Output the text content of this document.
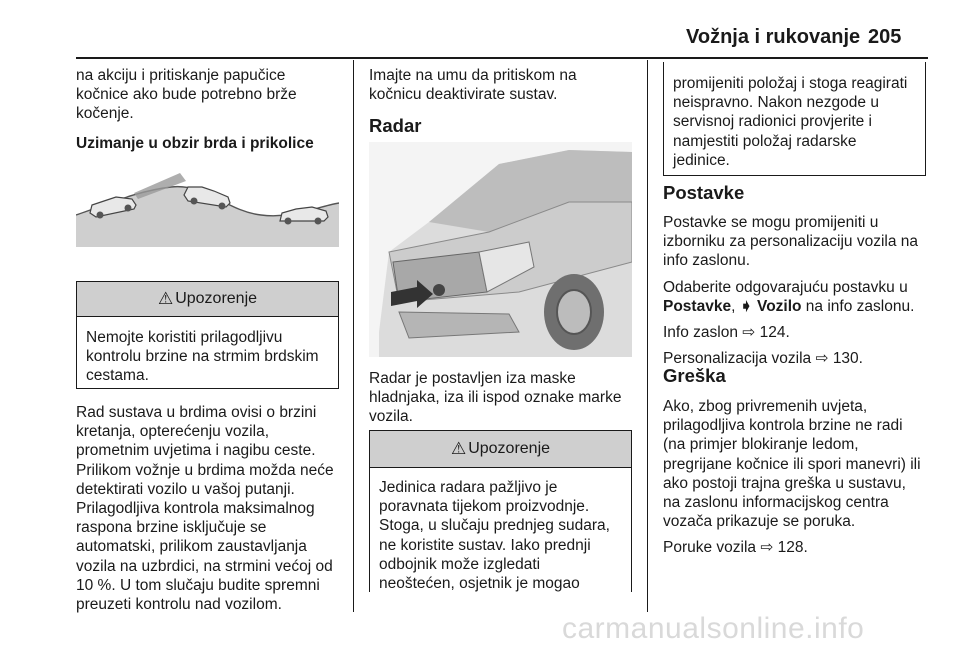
Vožnja i rukovanje 205

na akciju i pritiskanje papučice

kočnice ako bude potrebno brže

kočenje.

Uzimanje u obzir brda i prikolice

⚠ Upozorenje

Nemojte koristiti prilagodljivu

kontrolu brzine na strmim brdskim

cestama.

Rad sustava u brdima ovisi o brzini

kretanja, opterećenju vozila,

prometnim uvjetima i nagibu ceste.

Prilikom vožnje u brdima možda neće

detektirati vozilo u vašoj putanji.

Prilagodljiva kontrola maksimalnog

raspona brzine isključuje se

automatski, prilikom zaustavljanja

vozila na uzbrdici, na strmini većoj od

10 %. U tom slučaju budite spremni

preuzeti kontrolu nad vozilom.

Imajte na umu da pritiskom na

kočnicu deaktivirate sustav.

Radar

Radar je postavljen iza maske

hladnjaka, iza ili ispod oznake marke

vozila.

⚠ Upozorenje

Jedinica radara pažljivo je

poravnata tijekom proizvodnje.

Stoga, u slučaju prednjeg sudara,

ne koristite sustav. Iako prednji

odbojnik može izgledati

neoštećen, osjetnik je mogao

promijeniti položaj i stoga reagirati

neispravno. Nakon nezgode u

servisnoj radionici provjerite i

namjestiti položaj radarske

jedinice.

Postavke

Postavke se mogu promijeniti u

izborniku za personalizaciju vozila na

info zaslonu.

Odaberite odgovarajuću postavku u

Postavke, ➧ Vozilo na info zaslonu.

Info zaslon ⇨ 124.

Personalizacija vozila ⇨ 130.

Greška

Ako, zbog privremenih uvjeta,

prilagodljiva kontrola brzine ne radi

(na primjer blokiranje ledom,

pregrijane kočnice ili spori manevri) ili

ako postoji trajna greška u sustavu,

na zaslonu informacijskog centra

vozača prikazuje se poruka.

Poruke vozila ⇨ 128.

carmanualsonline.info
